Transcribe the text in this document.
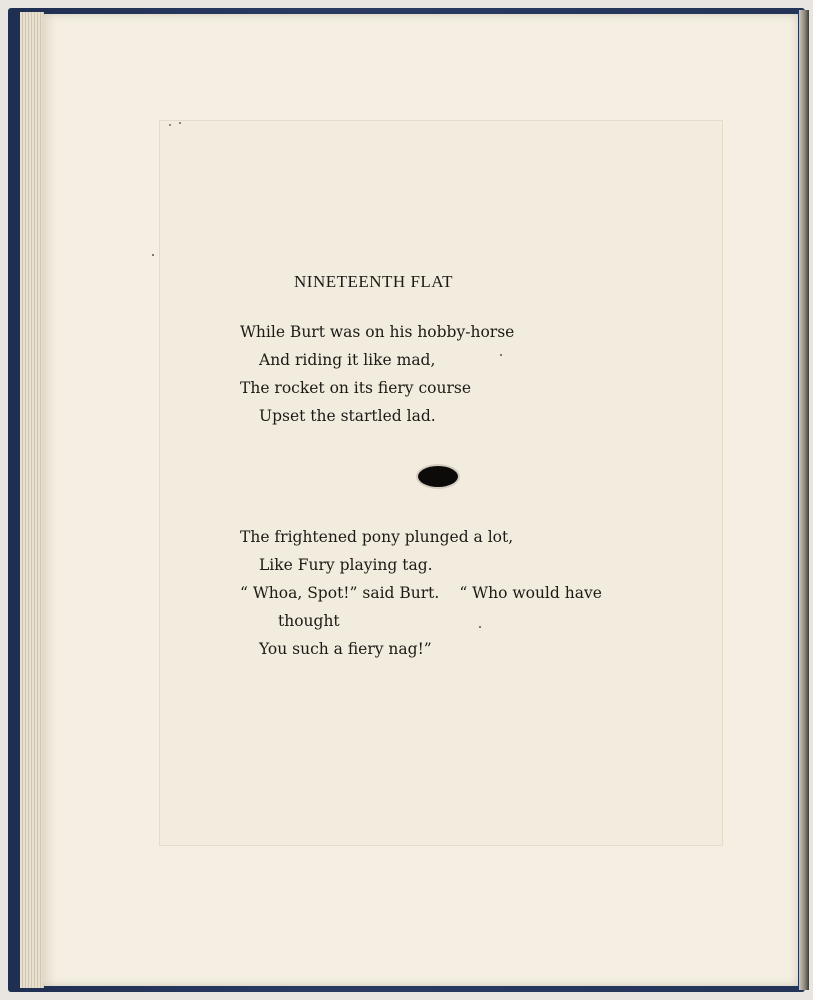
NINETEENTH FLAT
While Burt was on his hobby-horse
And riding it like mad,
The rocket on its fiery course
Upset the startled lad.
The frightened pony plunged a lot,
Like Fury playing tag.
“ Whoa, Spot!” said Burt. “ Who would have
thought
You such a fiery nag!”
